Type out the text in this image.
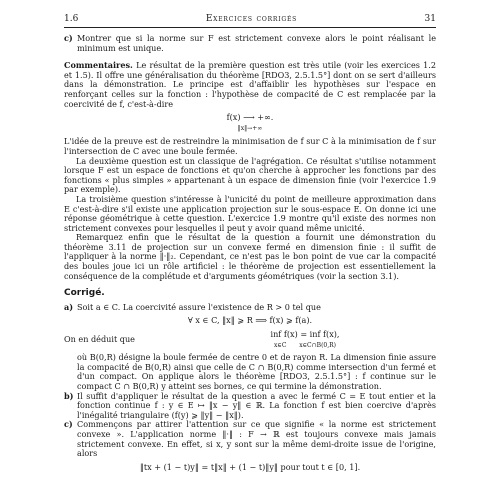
1.6	Exercices corrigés	31
c) Montrer que si la norme sur F est strictement convexe alors le point réalisant le minimum est unique.

Commentaires. Le résultat de la première question est très utile (voir les exercices 1.2 et 1.5). Il offre une généralisation du théorème [RDO3, 2.5.1.5°] dont on se sert d'ailleurs dans la démonstration. Le principe est d'affaiblir les hypothèses sur l'espace en renforçant celles sur la fonction : l'hypothèse de compacité de C est remplacée par la coercivité de f, c'est-à-dire

f(x) ⟶ +∞.
‖x‖→+∞

L'idée de la preuve est de restreindre la minimisation de f sur C à la minimisation de f sur l'intersection de C avec une boule fermée.

La deuxième question est un classique de l'agrégation. Ce résultat s'utilise notamment lorsque F est un espace de fonctions et qu'on cherche à approcher les fonctions par des fonctions « plus simples » appartenant à un espace de dimension finie (voir l'exercice 1.9 par exemple).

La troisième question s'intéresse à l'unicité du point de meilleure approximation dans E c'est-à-dire s'il existe une application projection sur le sous-espace E. On donne ici une réponse géométrique à cette question. L'exercice 1.9 montre qu'il existe des normes non strictement convexes pour lesquelles il peut y avoir quand même unicité.

Remarquez enfin que le résultat de la question a fournit une démonstration du théorème 3.11 de projection sur un convexe fermé en dimension finie : il suffit de l'appliquer à la norme ‖·‖₂. Cependant, ce n'est pas le bon point de vue car la compacité des boules joue ici un rôle artificiel : le théorème de projection est essentiellement la conséquence de la complétude et d'arguments géométriques (voir la section 3.1).

Corrigé.
a) Soit a ∈ C. La coercivité assure l'existence de R > 0 tel que
∀ x ∈ C, ‖x‖ ⩾ R ⟹ f(x) ⩾ f(a).
On en déduit que
inf f(x) = inf f(x),
x∈C x∈C∩B(0,R)

où B(0,R) désigne la boule fermée de centre 0 et de rayon R. La dimension finie assure la compacité de B(0,R) ainsi que celle de C ∩ B(0,R) comme intersection d'un fermé et d'un compact. On applique alors le théorème [RDO3, 2.5.1.5°] : f continue sur le compact C ∩ B(0,R) y atteint ses bornes, ce qui termine la démonstration.

b) Il suffit d'appliquer le résultat de la question a avec le fermé C = E tout entier et la fonction continue f : y ∈ E ↦ ‖x − y‖ ∈ ℝ. La fonction f est bien coercive d'après l'inégalité triangulaire (f(y) ⩾ ‖y‖ − ‖x‖).
c) Commençons par attirer l'attention sur ce que signifie « la norme est strictement convexe ». L'application norme ‖·‖ : F → ℝ est toujours convexe mais jamais strictement convexe. En effet, si x, y sont sur la même demi-droite issue de l'origine, alors
‖tx + (1 − t)y‖ = t‖x‖ + (1 − t)‖y‖ pour tout t ∈ [0, 1].
